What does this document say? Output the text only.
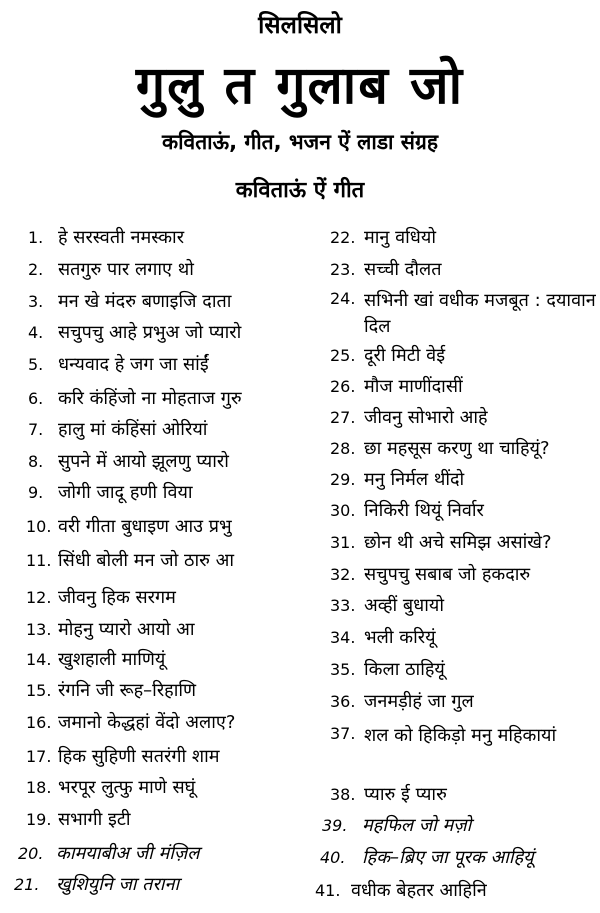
सिलसिलो
गुलु त गुलाब जो
कविताऊं, गीत, भजन ऐं लाडा संग्रह
कविताऊं ऐं गीत
1. हे सरस्वती नमस्कार
2. सतगुरु पार लगाए थो
3. मन खे मंदरु बणाइजि दाता
4. सचुपचु आहे प्रभुअ जो प्यारो
5. धन्यवाद हे जग जा सांईं
6. करि कंहिंजो ना मोहताज गुरु
7. हालु मां कंहिंसां ओरियां
8. सुपने में आयो झूलणु प्यारो
9. जोगी जादू हणी विया
10. वरी गीता बुधाइण आउ प्रभु
11. सिंधी बोली मन जो ठारु आ
12. जीवनु हिक सरगम
13. मोहनु प्यारो आयो आ
14. खुशहाली माणियूं
15. रंगनि जी रूह–रिहाणि
16. जमानो केद्धहां वेंदो अलाए?
17. हिक सुहिणी सतरंगी शाम
18. भरपूर लुत्फु माणे सघूं
19. सभागी इटी
20. कामयाबीअ जी मंज़िल
21. खुशियुनि जा तराना
22. मानु वधियो
23. सच्ची दौलत
24. सभिनी खां वधीक मजबूत : दयावान दिल
25. दूरी मिटी वेई
26. मौज माणींदासीं
27. जीवनु सोभारो आहे
28. छा महसूस करणु था चाहियूं?
29. मनु निर्मल थींदो
30. निकिरी थियूं निर्वार
31. छोन थी अचे समिझ असांखे?
32. सचुपचु सबाब जो हकदारु
33. अव्हीं बुधायो
34. भली करियूं
35. किला ठाहियूं
36. जनमड़ीहं जा गुल
37. शल को हिकिड़ो मनु महिकायां
38. प्यारु ई प्यारु
39. महफिल जो मज़ो
40. हिक–ब्रिए जा पूरक आहियूं
41. वधीक बेहतर आहिनि
